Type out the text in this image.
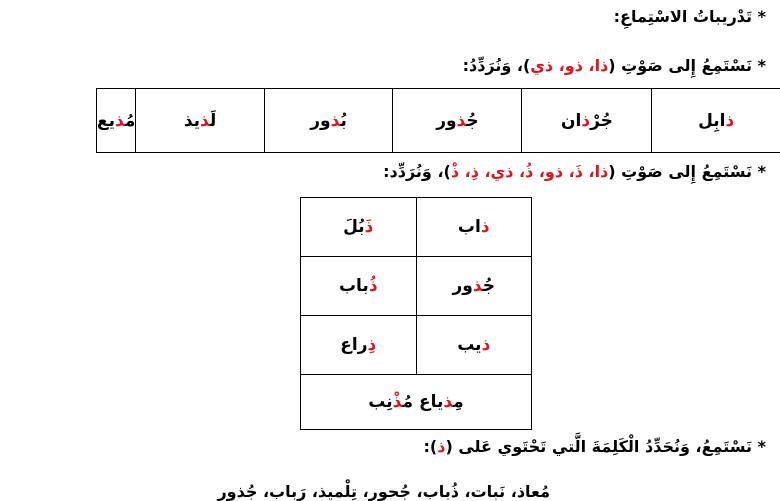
* تَدْريباتُ الاسْتِماعِ:
* نَسْتَمِعُ إِلى صَوْتِ (ذا، ذو، ذي)، وَنُرَدِّدُ:
ذابِل	جُرْذان	جُذور	بُذور	لَذيذ	مُذيع
* نَسْتَمِعُ إِلى صَوْتِ (ذا، ذَ، ذو، ذُ، ذي، ذِ، ذْ)، وَنُرَدِّد:
ذاب	ذَبُلَ
جُذور	ذُباب
ذيب	ذِراع
مِذياع مُذْنِب	
* نَسْتَمِعُ، وَنُحَدِّدُ الْكَلِمَةَ الَّتي تَحْتَوي عَلى (ذ):
مُعاذ، نَبات، ذُباب، جُحور، تِلْميذ، رَباب، جُذور
